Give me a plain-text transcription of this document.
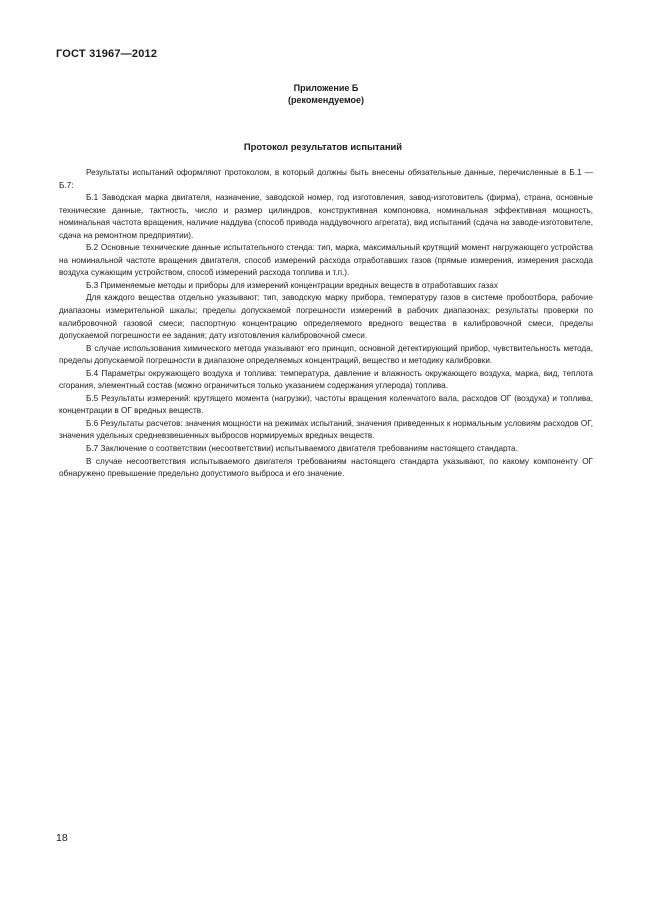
ГОСТ 31967—2012
Приложение Б
(рекомендуемое)
Протокол результатов испытаний

Результаты испытаний оформляют протоколом, в который должны быть внесены обязательные данные, перечисленные в Б.1 — Б.7:

Б.1 Заводская марка двигателя, назначение, заводской номер, год изготовления, завод-изготовитель (фирма), страна, основные технические данные, тактность, число и размер цилиндров, конструктивная компоновка, номинальная эффективная мощность, номинальная частота вращения, наличие наддува (способ привода наддувочного агрегата), вид испытаний (сдача на заводе-изготовителе, сдача на ремонтном предприятии).

Б.2 Основные технические данные испытательного стенда: тип, марка, максимальный крутящий момент нагружающего устройства на номинальной частоте вращения двигателя, способ измерений расхода отработавших газов (прямые измерения, измерения расхода воздуха сужающим устройством, способ измерений расхода топлива и т.п.).

Б.3 Применяемые методы и приборы для измерений концентрации вредных веществ в отработавших газах

Для каждого вещества отдельно указывают: тип, заводскую марку прибора, температуру газов в системе пробоотбора, рабочие диапазоны измерительной шкалы; пределы допускаемой погрешности измерений в рабочих диапазонах; результаты проверки по калибровочной газовой смеси; паспортную концентрацию определяемого вредного вещества в калибровочной смеси, пределы допускаемой погрешности ее задания; дату изготовления калибровочной смеси.

В случае использования химического метода указывают его принцип, основной детектирующий прибор, чувствительность метода, пределы допускаемой погрешности в диапазоне определяемых концентраций, вещество и методику калибровки.

Б.4 Параметры окружающего воздуха и топлива: температура, давление и влажность окружающего воздуха, марка, вид, теплота сгорания, элементный состав (можно ограничиться только указанием содержания углерода) топлива.

Б.5 Результаты измерений: крутящего момента (нагрузки), частоты вращения коленчатого вала, расходов ОГ (воздуха) и топлива, концентрации в ОГ вредных веществ.

Б.6 Результаты расчетов: значения мощности на режимах испытаний, значения приведенных к нормальным условиям расходов ОГ, значения удельных средневзвешенных выбросов нормируемых вредных веществ.

Б.7 Заключение о соответствии (несоответствии) испытываемого двигателя требованиям настоящего стандарта.

В случае несоответствия испытываемого двигателя требованиям настоящего стандарта указывают, по какому компоненту ОГ обнаружено превышение предельно допустимого выброса и его значение.

18
